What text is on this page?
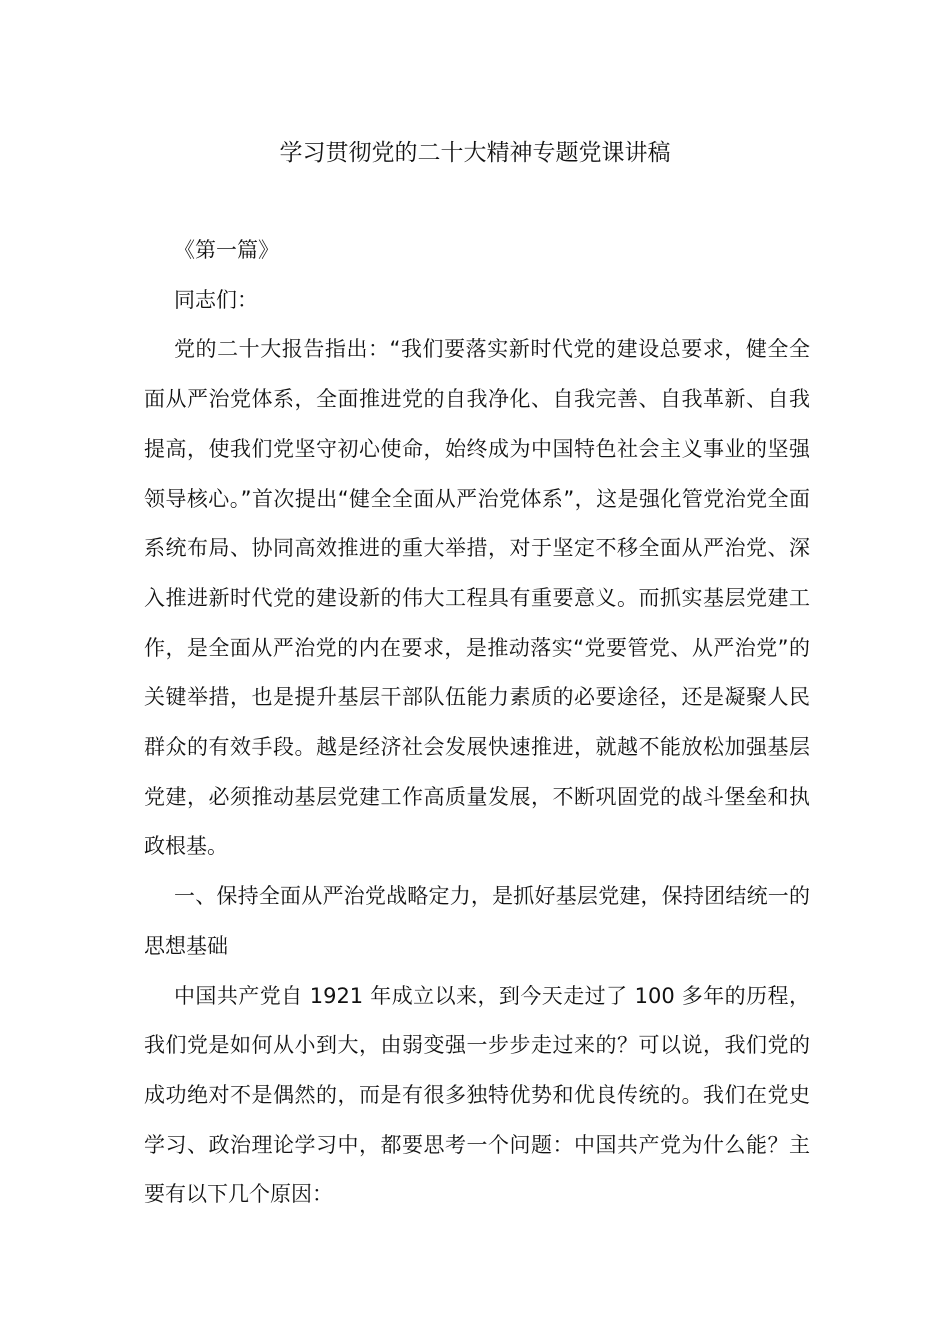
学习贯彻党的二十大精神专题党课讲稿

《第一篇》

同志们：

党的二十大报告指出：“我们要落实新时代党的建设总要求，健全全面从严治党体系，全面推进党的自我净化、自我完善、自我革新、自我提高，使我们党坚守初心使命，始终成为中国特色社会主义事业的坚强领导核心。”首次提出“健全全面从严治党体系”，这是强化管党治党全面系统布局、协同高效推进的重大举措，对于坚定不移全面从严治党、深入推进新时代党的建设新的伟大工程具有重要意义。而抓实基层党建工作，是全面从严治党的内在要求，是推动落实“党要管党、从严治党”的关键举措，也是提升基层干部队伍能力素质的必要途径，还是凝聚人民群众的有效手段。越是经济社会发展快速推进，就越不能放松加强基层党建，必须推动基层党建工作高质量发展，不断巩固党的战斗堡垒和执政根基。

一、保持全面从严治党战略定力，是抓好基层党建，保持团结统一的思想基础

中国共产党自 1921 年成立以来，到今天走过了 100 多年的历程，我们党是如何从小到大，由弱变强一步步走过来的？可以说，我们党的成功绝对不是偶然的，而是有很多独特优势和优良传统的。我们在党史学习、政治理论学习中，都要思考一个问题：中国共产党为什么能？主要有以下几个原因：
